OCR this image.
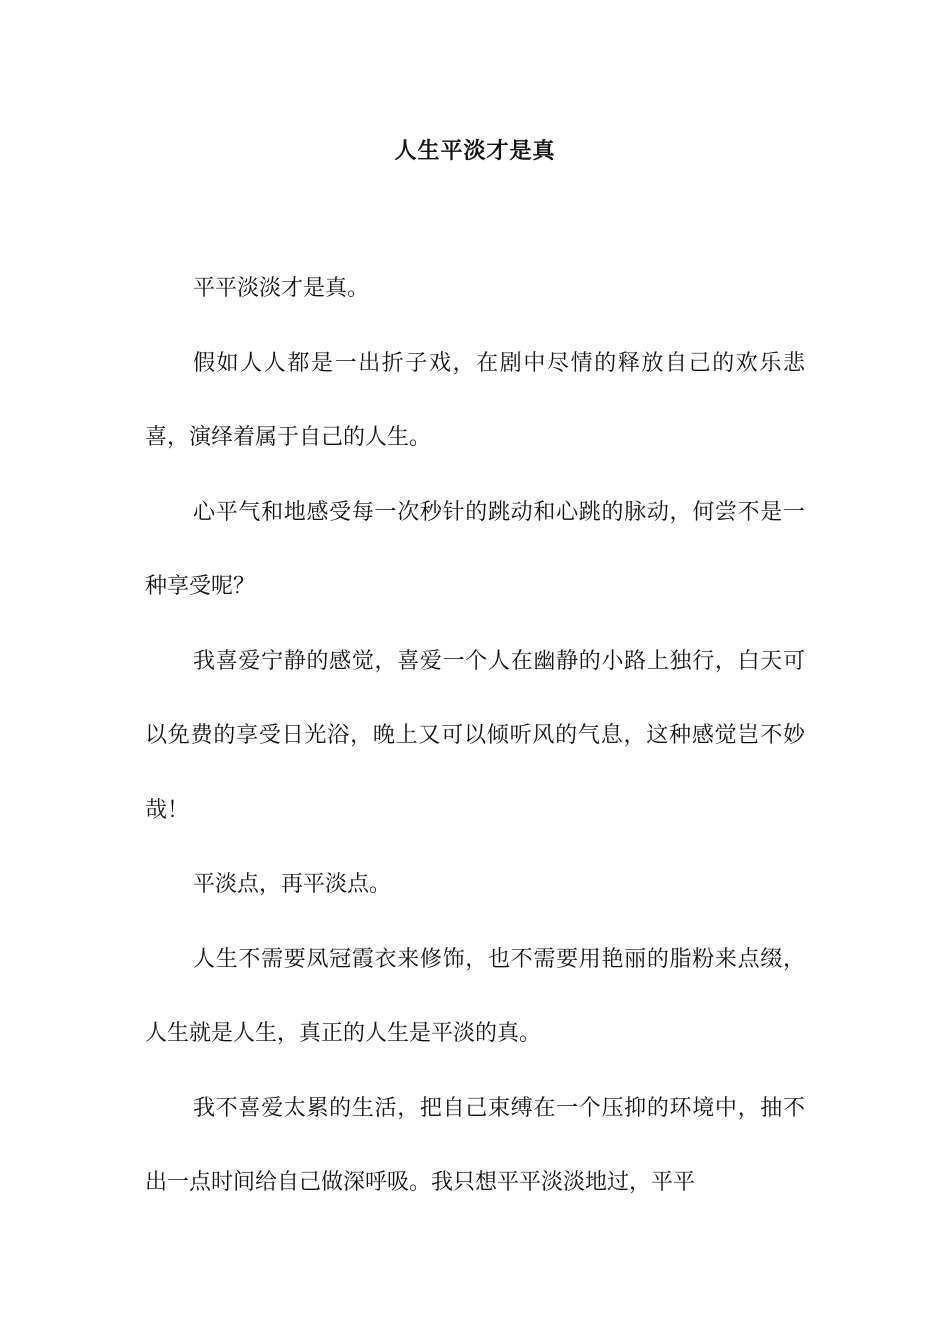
人生平淡才是真

平平淡淡才是真。

假如人人都是一出折子戏，在剧中尽情的释放自己的欢乐悲喜，演绎着属于自己的人生。

心平气和地感受每一次秒针的跳动和心跳的脉动，何尝不是一种享受呢？

我喜爱宁静的感觉，喜爱一个人在幽静的小路上独行，白天可以免费的享受日光浴，晚上又可以倾听风的气息，这种感觉岂不妙哉！

平淡点，再平淡点。

人生不需要凤冠霞衣来修饰，也不需要用艳丽的脂粉来点缀，人生就是人生，真正的人生是平淡的真。

我不喜爱太累的生活，把自己束缚在一个压抑的环境中，抽不出一点时间给自己做深呼吸。我只想平平淡淡地过，平平
